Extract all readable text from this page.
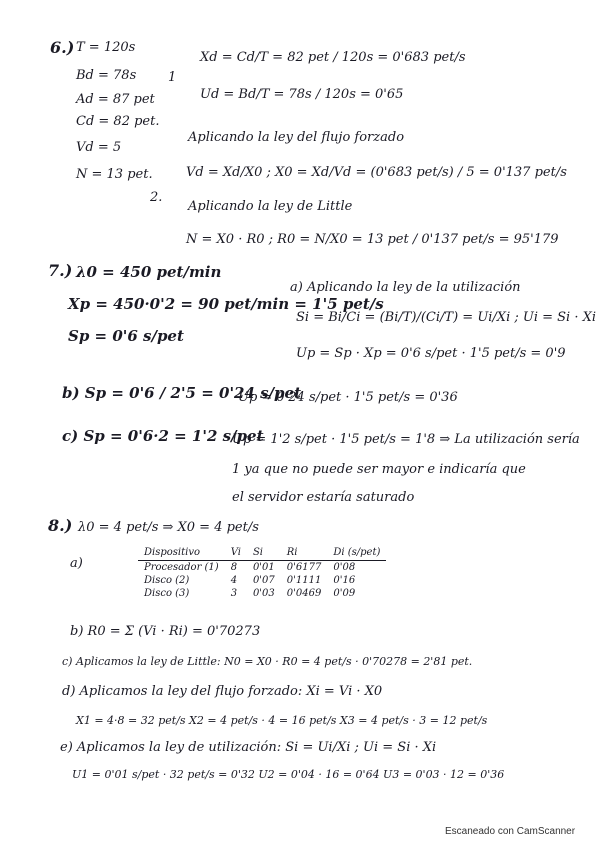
6.) T = 120s
Bd = 78s
Ad = 87 pet
Cd = 82 pet.
Vd = 5
N = 13 pet.
1
Xd = Cd/T = 82 pet / 120s = 0'683 pet/s
Ud = Bd/T = 78s / 120s = 0'65
Aplicando la ley del flujo forzado
Vd = Xd/X0 ; X0 = Xd/Vd = (0'683 pet/s) / 5 = 0'137 pet/s
2.
Aplicando la ley de Little
N = X0 · R0 ; R0 = N/X0 = 13 pet / 0'137 pet/s = 95'179
7.) λ0 = 450 pet/min
Xp = 450·0'2 = 90 pet/min = 1'5 pet/s
Sp = 0'6 s/pet
a) Aplicando la ley de la utilización
Si = Bi/Ci = (Bi/T)/(Ci/T) = Ui/Xi ; Ui = Si · Xi
Up = Sp · Xp = 0'6 s/pet · 1'5 pet/s = 0'9
b) Sp = 0'6 / 2'5 = 0'24 s/pet
Up = 0'24 s/pet · 1'5 pet/s = 0'36
c) Sp = 0'6·2 = 1'2 s/pet
Up = 1'2 s/pet · 1'5 pet/s = 1'8 ⇒ La utilización sería
1 ya que no puede ser mayor e indicaría que
el servidor estaría saturado
8.) λ0 = 4 pet/s ⇒ X0 = 4 pet/s
a)
Dispositivo	Vi	Si	Ri	Di (s/pet)
Procesador (1)	8	0'01	0'6177	0'08
Disco (2)	4	0'07	0'1111	0'16
Disco (3)	3	0'03	0'0469	0'09
b) R0 = Σ (Vi · Ri) = 0'70273
c) Aplicamos la ley de Little: N0 = X0 · R0 = 4 pet/s · 0'70278 = 2'81 pet.
d) Aplicamos la ley del flujo forzado: Xi = Vi · X0
X1 = 4·8 = 32 pet/s X2 = 4 pet/s · 4 = 16 pet/s X3 = 4 pet/s · 3 = 12 pet/s
e) Aplicamos la ley de utilización: Si = Ui/Xi ; Ui = Si · Xi
U1 = 0'01 s/pet · 32 pet/s = 0'32 U2 = 0'04 · 16 = 0'64 U3 = 0'03 · 12 = 0'36
Escaneado con CamScanner
